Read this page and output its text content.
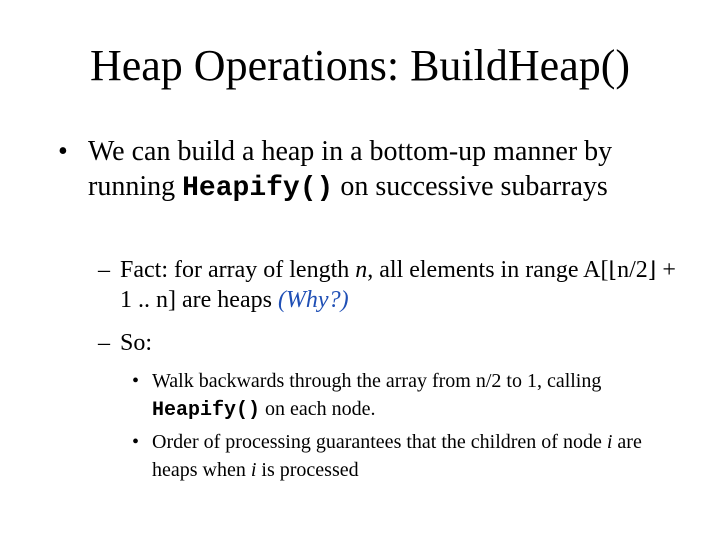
Heap Operations: BuildHeap()
• We can build a heap in a bottom-up manner by running Heapify() on successive subarrays
– Fact: for array of length n, all elements in range A[⌊n/2⌋ + 1 .. n] are heaps (Why?)
– So:
• Walk backwards through the array from n/2 to 1, calling Heapify() on each node.
• Order of processing guarantees that the children of node i are heaps when i is processed
